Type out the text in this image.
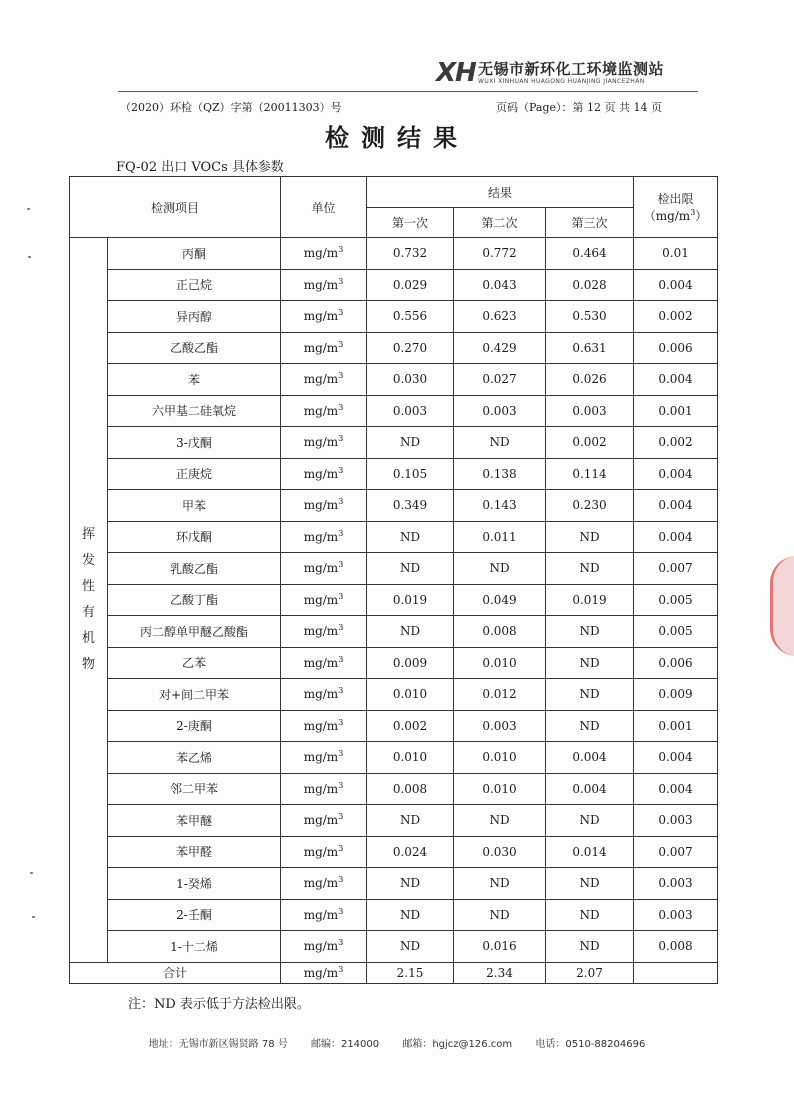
XH 无锡市新环化工环境监测站
WUXI XINHUAN HUAGONG HUANJING JIANCEZHAN
（2020）环检（QZ）字第（20011303）号	页码（Page）：第 12 页 共 14 页
检测结果
FQ-02 出口 VOCs 具体参数
检测项目		单位	结果			检出限
$(mg/m^3)$
			第一次	第二次	第三次	
挥发性有机物	丙酮	$mg/m^3$	0.732	0.772	0.464	0.01
	正己烷	$mg/m^3$	0.029	0.043	0.028	0.004
	异丙醇	$mg/m^3$	0.556	0.623	0.530	0.002
	乙酸乙酯	$mg/m^3$	0.270	0.429	0.631	0.006
	苯	$mg/m^3$	0.030	0.027	0.026	0.004
	六甲基二硅氧烷	$mg/m^3$	0.003	0.003	0.003	0.001
	3-戊酮	$mg/m^3$	ND	ND	0.002	0.002
	正庚烷	$mg/m^3$	0.105	0.138	0.114	0.004
	甲苯	$mg/m^3$	0.349	0.143	0.230	0.004
	环戊酮	$mg/m^3$	ND	0.011	ND	0.004
	乳酸乙酯	$mg/m^3$	ND	ND	ND	0.007
	乙酸丁酯	$mg/m^3$	0.019	0.049	0.019	0.005
	丙二醇单甲醚乙酸酯	$mg/m^3$	ND	0.008	ND	0.005
	乙苯	$mg/m^3$	0.009	0.010	ND	0.006
	对+间二甲苯	$mg/m^3$	0.010	0.012	ND	0.009
	2-庚酮	$mg/m^3$	0.002	0.003	ND	0.001
	苯乙烯	$mg/m^3$	0.010	0.010	0.004	0.004
	邻二甲苯	$mg/m^3$	0.008	0.010	0.004	0.004
	苯甲醚	$mg/m^3$	ND	ND	ND	0.003
	苯甲醛	$mg/m^3$	0.024	0.030	0.014	0.007
	1-癸烯	$mg/m^3$	ND	ND	ND	0.003
	2-壬酮	$mg/m^3$	ND	ND	ND	0.003
	1-十二烯	$mg/m^3$	ND	0.016	ND	0.008
合计		$mg/m^3$	2.15	2.34	2.07	
注：ND 表示低于方法检出限。
地址：无锡市新区锡贤路 78 号 邮编：214000 邮箱：hgjcz@126.com 电话：0510-88204696
